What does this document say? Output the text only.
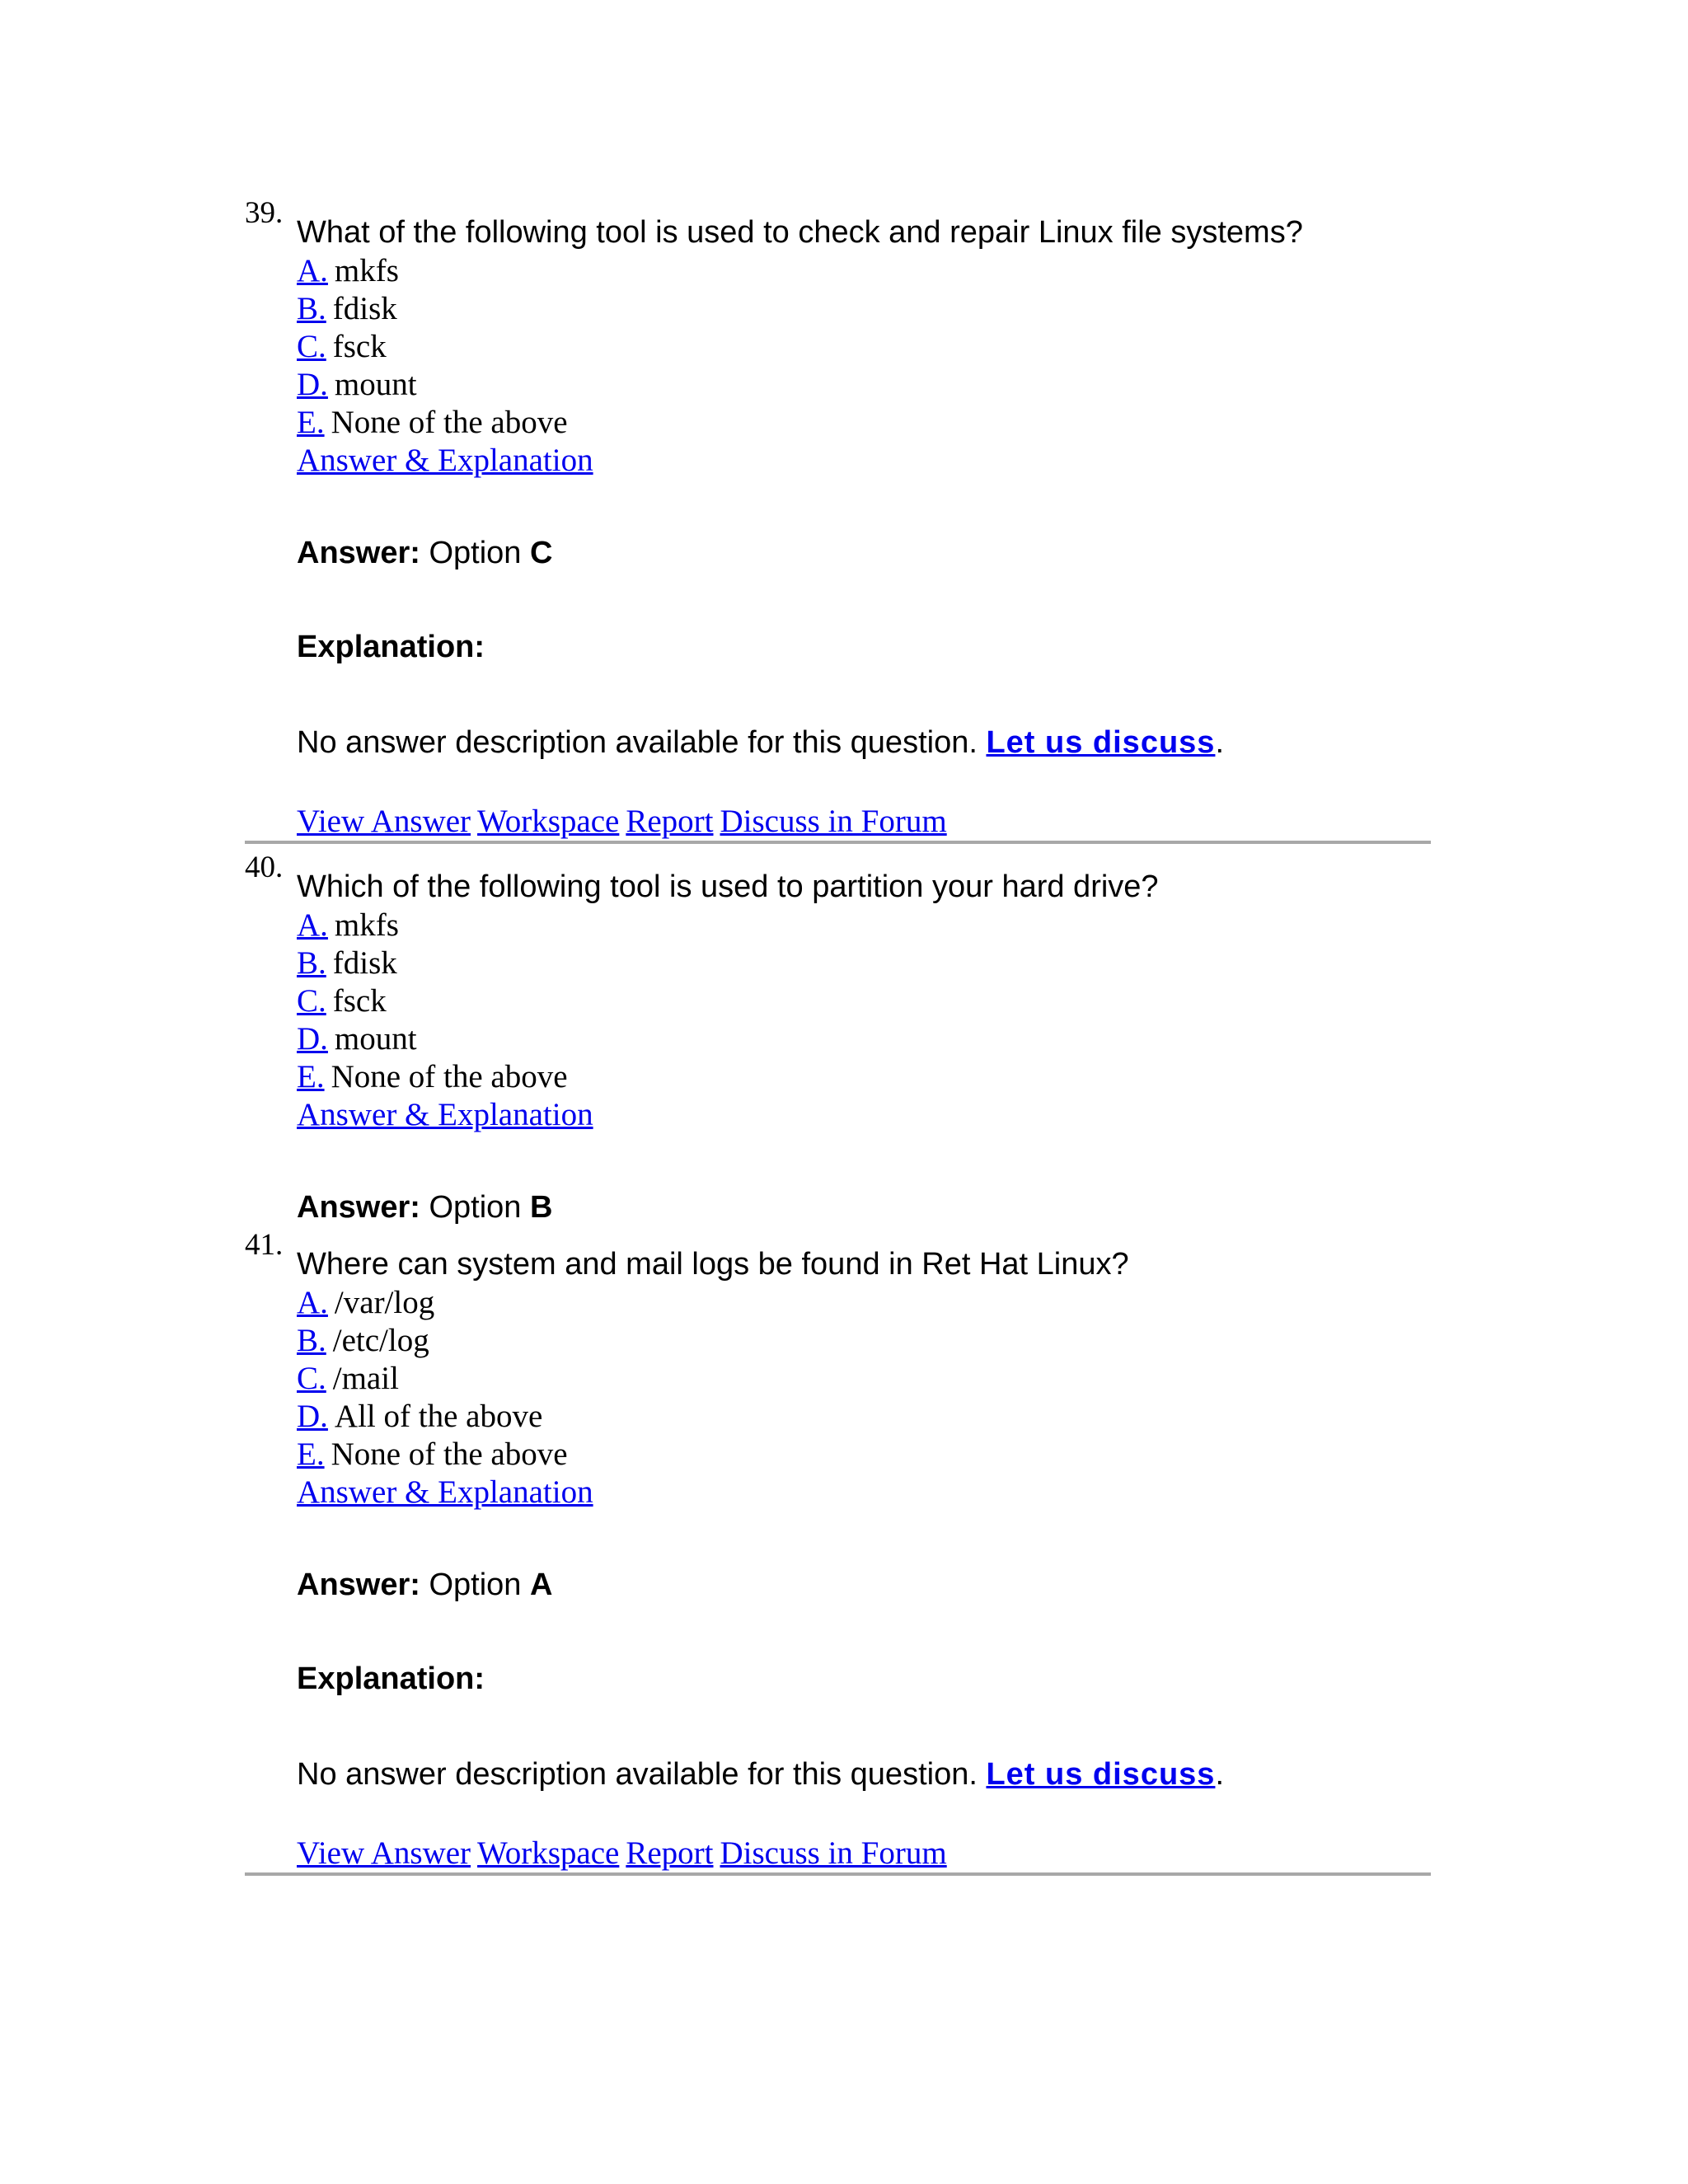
39.
What of the following tool is used to check and repair Linux file systems?
A. mkfs
B. fdisk
C. fsck
D. mount
E. None of the above
Answer & Explanation
Answer: Option C
Explanation:
No answer description available for this question. Let us discuss.
View Answer Workspace Report Discuss in Forum
40.
Which of the following tool is used to partition your hard drive?
A. mkfs
B. fdisk
C. fsck
D. mount
E. None of the above
Answer & Explanation
Answer: Option B
41.
Where can system and mail logs be found in Ret Hat Linux?
A. /var/log
B. /etc/log
C. /mail
D. All of the above
E. None of the above
Answer & Explanation
Answer: Option A
Explanation:
No answer description available for this question. Let us discuss.
View Answer Workspace Report Discuss in Forum
